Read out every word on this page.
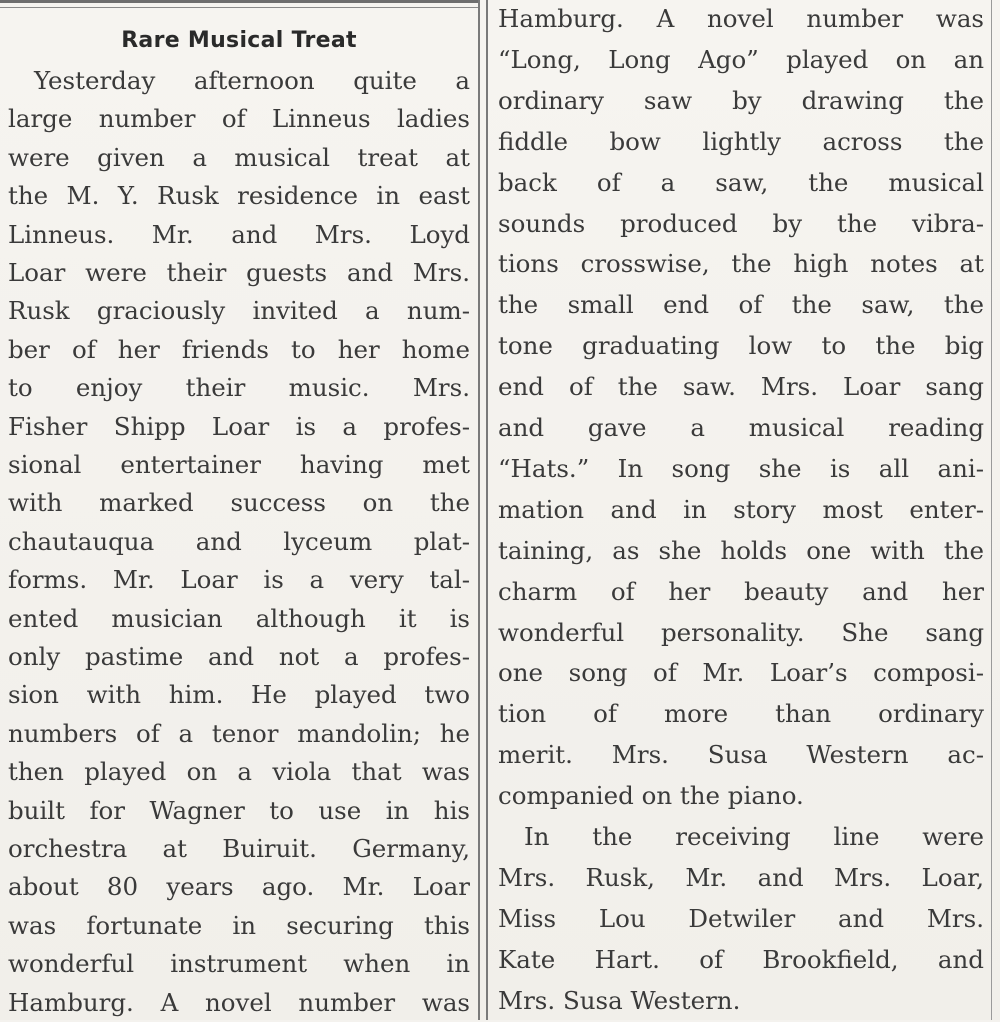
Rare Musical Treat
Yesterday afternoon quite a
large number of Linneus ladies
were given a musical treat at
the M. Y. Rusk residence in east
Linneus. Mr. and Mrs. Loyd
Loar were their guests and Mrs.
Rusk graciously invited a num-
ber of her friends to her home
to enjoy their music. Mrs.
Fisher Shipp Loar is a profes-
sional entertainer having met
with marked success on the
chautauqua and lyceum plat-
forms. Mr. Loar is a very tal-
ented musician although it is
only pastime and not a profes-
sion with him. He played two
numbers of a tenor mandolin; he
then played on a viola that was
built for Wagner to use in his
orchestra at Buiruit. Germany,
about 80 years ago. Mr. Loar
was fortunate in securing this
wonderful instrument when in
Hamburg. A novel number was
Hamburg. A novel number was
“Long, Long Ago” played on an
ordinary saw by drawing the
fiddle bow lightly across the
back of a saw, the musical
sounds produced by the vibra-
tions crosswise, the high notes at
the small end of the saw, the
tone graduating low to the big
end of the saw. Mrs. Loar sang
and gave a musical reading
“Hats.” In song she is all ani-
mation and in story most enter-
taining, as she holds one with the
charm of her beauty and her
wonderful personality. She sang
one song of Mr. Loar’s composi-
tion of more than ordinary
merit. Mrs. Susa Western ac-
companied on the piano.
In the receiving line were
Mrs. Rusk, Mr. and Mrs. Loar,
Miss Lou Detwiler and Mrs.
Kate Hart. of Brookfield, and
Mrs. Susa Western.
